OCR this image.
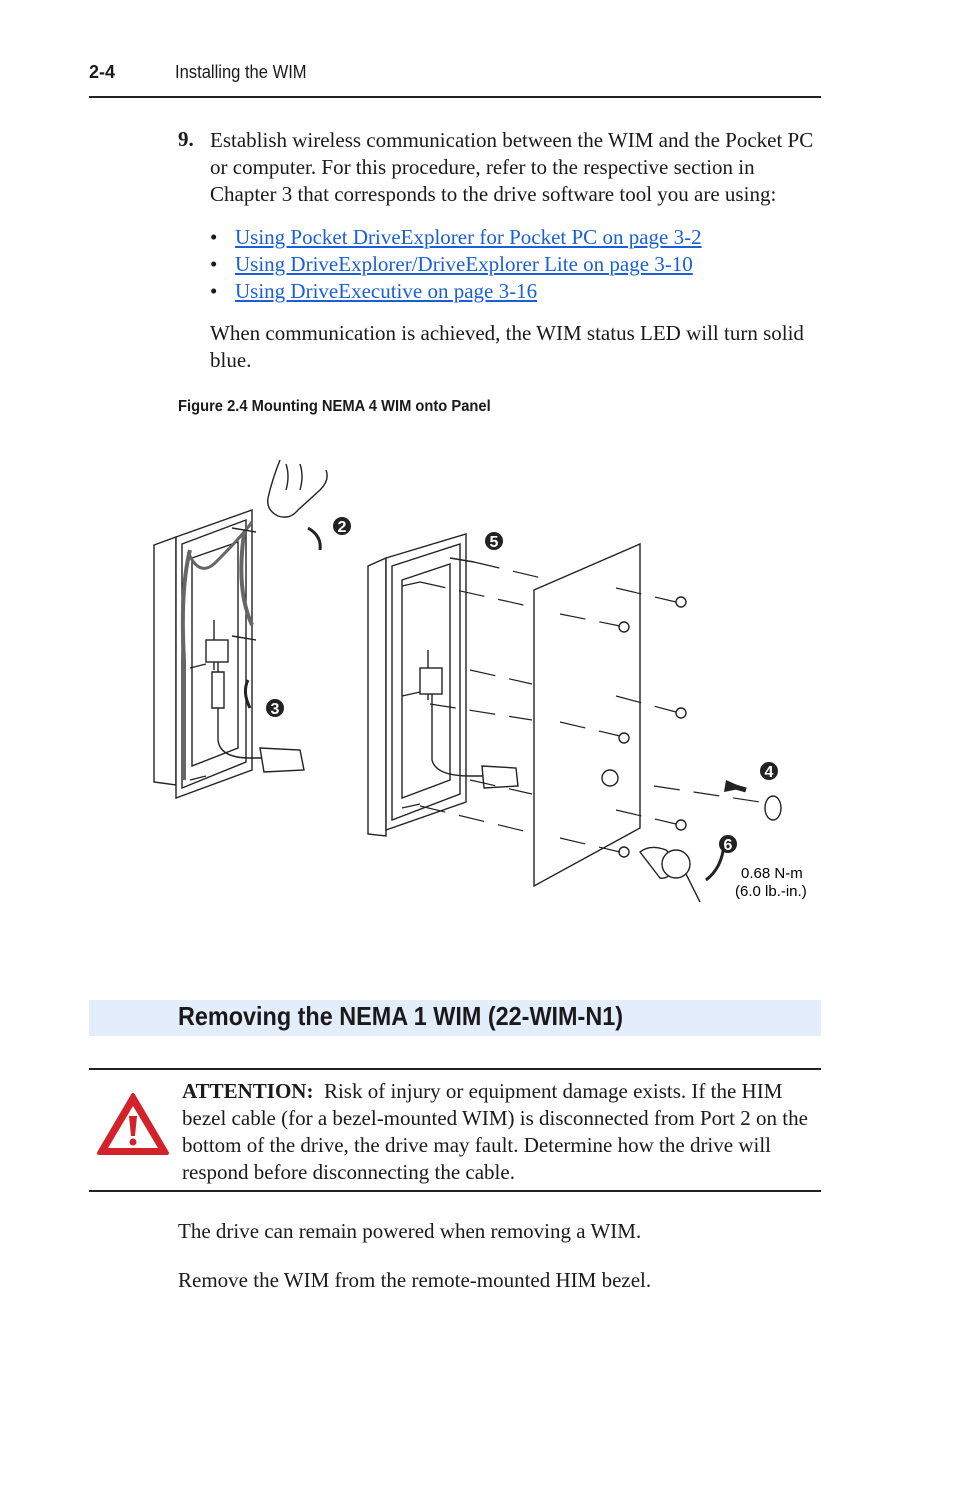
2-4	Installing the WIM
9. Establish wireless communication between the WIM and the Pocket PC or computer. For this procedure, refer to the respective section in Chapter 3 that corresponds to the drive software tool you are using:
• Using Pocket DriveExplorer for Pocket PC on page 3-2
• Using DriveExplorer/DriveExplorer Lite on page 3-10
• Using DriveExecutive on page 3-16
When communication is achieved, the WIM status LED will turn solid blue.
Figure 2.4 Mounting NEMA 4 WIM onto Panel
2
3
4
5
6
0.68 N-m
(6.0 lb.-in.)
Removing the NEMA 1 WIM (22-WIM-N1)
ATTENTION: Risk of injury or equipment damage exists. If the HIM bezel cable (for a bezel-mounted WIM) is disconnected from Port 2 on the bottom of the drive, the drive may fault. Determine how the drive will respond before disconnecting the cable.
The drive can remain powered when removing a WIM.
Remove the WIM from the remote-mounted HIM bezel.
